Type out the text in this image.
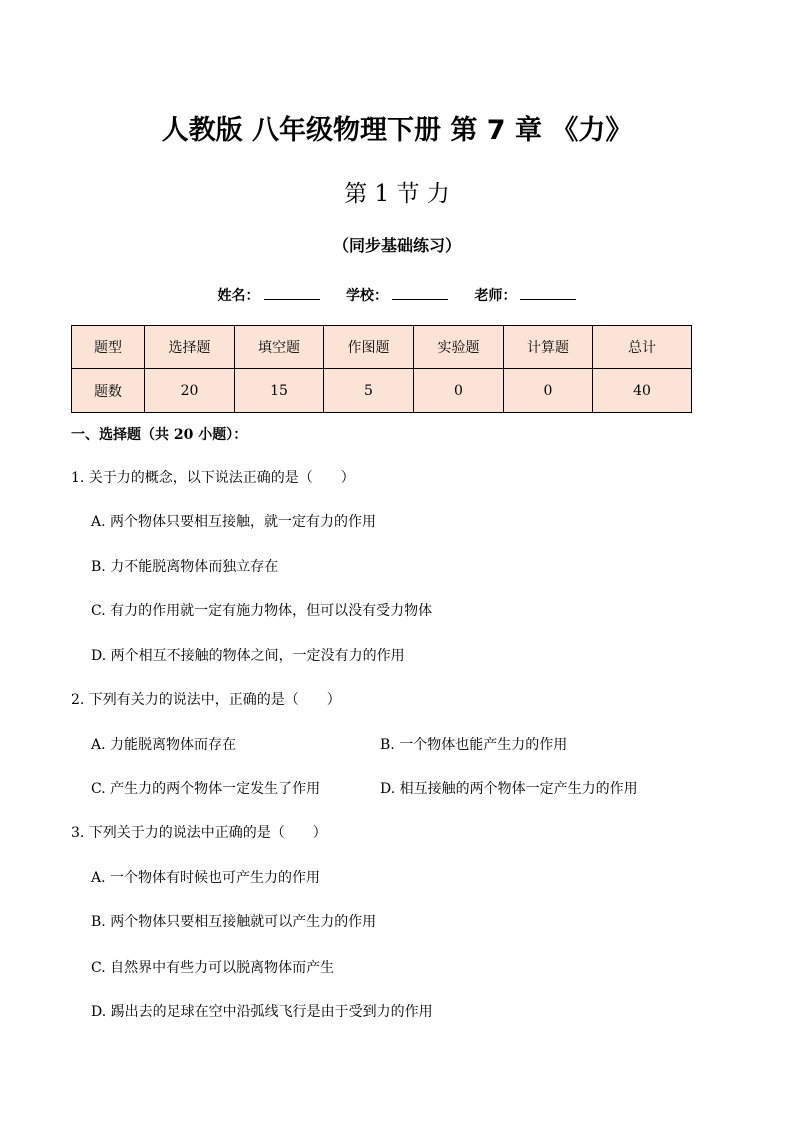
人教版 八年级物理下册 第 7 章 《力》
第 1 节 力
（同步基础练习）
姓名：	学校：	老师：
题型	选择题	填空题	作图题	实验题	计算题	总计
题数	20	15	5	0	0	40
一、选择题（共 20 小题）：
1. 关于力的概念，以下说法正确的是（　　）
A. 两个物体只要相互接触，就一定有力的作用
B. 力不能脱离物体而独立存在
C. 有力的作用就一定有施力物体，但可以没有受力物体
D. 两个相互不接触的物体之间，一定没有力的作用
2. 下列有关力的说法中，正确的是（　　）
A. 力能脱离物体而存在	B. 一个物体也能产生力的作用
C. 产生力的两个物体一定发生了作用	D. 相互接触的两个物体一定产生力的作用
3. 下列关于力的说法中正确的是（　　）
A. 一个物体有时候也可产生力的作用
B. 两个物体只要相互接触就可以产生力的作用
C. 自然界中有些力可以脱离物体而产生
D. 踢出去的足球在空中沿弧线飞行是由于受到力的作用
